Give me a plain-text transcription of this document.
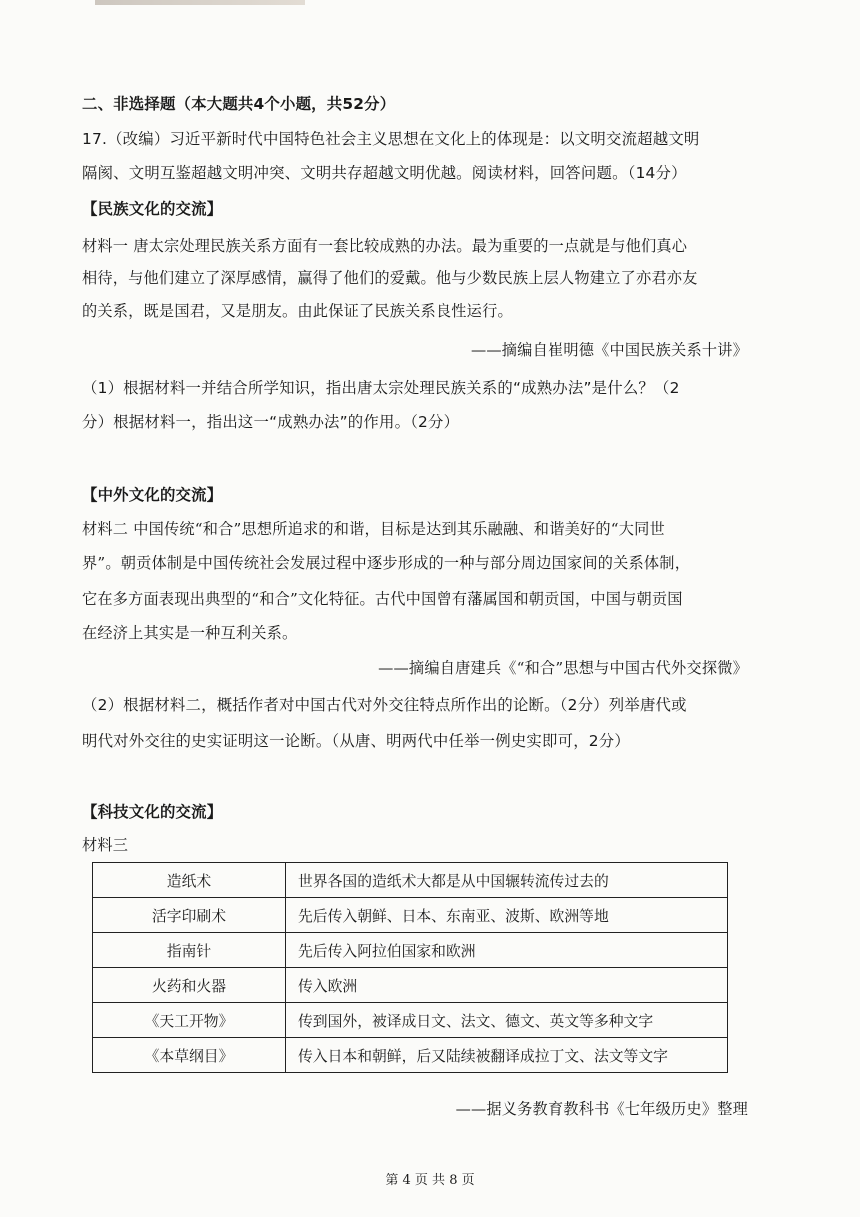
二、非选择题（本大题共4个小题，共52分）
17.（改编）习近平新时代中国特色社会主义思想在文化上的体现是：以文明交流超越文明
隔阂、文明互鉴超越文明冲突、文明共存超越文明优越。阅读材料，回答问题。（14分）
【民族文化的交流】
材料一 唐太宗处理民族关系方面有一套比较成熟的办法。最为重要的一点就是与他们真心
相待，与他们建立了深厚感情，赢得了他们的爱戴。他与少数民族上层人物建立了亦君亦友
的关系，既是国君，又是朋友。由此保证了民族关系良性运行。
——摘编自崔明德《中国民族关系十讲》
（1）根据材料一并结合所学知识，指出唐太宗处理民族关系的“成熟办法”是什么？（2
分）根据材料一，指出这一“成熟办法”的作用。（2分）
【中外文化的交流】
材料二 中国传统“和合”思想所追求的和谐，目标是达到其乐融融、和谐美好的“大同世
界”。朝贡体制是中国传统社会发展过程中逐步形成的一种与部分周边国家间的关系体制，
它在多方面表现出典型的“和合”文化特征。古代中国曾有藩属国和朝贡国，中国与朝贡国
在经济上其实是一种互利关系。
——摘编自唐建兵《“和合”思想与中国古代外交探微》
（2）根据材料二，概括作者对中国古代对外交往特点所作出的论断。（2分）列举唐代或
明代对外交往的史实证明这一论断。（从唐、明两代中任举一例史实即可，2分）
【科技文化的交流】
材料三
造纸术	世界各国的造纸术大都是从中国辗转流传过去的
活字印刷术	先后传入朝鲜、日本、东南亚、波斯、欧洲等地
指南针	先后传入阿拉伯国家和欧洲
火药和火器	传入欧洲
《天工开物》	传到国外，被译成日文、法文、德文、英文等多种文字
《本草纲目》	传入日本和朝鲜，后又陆续被翻译成拉丁文、法文等文字
——据义务教育教科书《七年级历史》整理
第 4 页 共 8 页
